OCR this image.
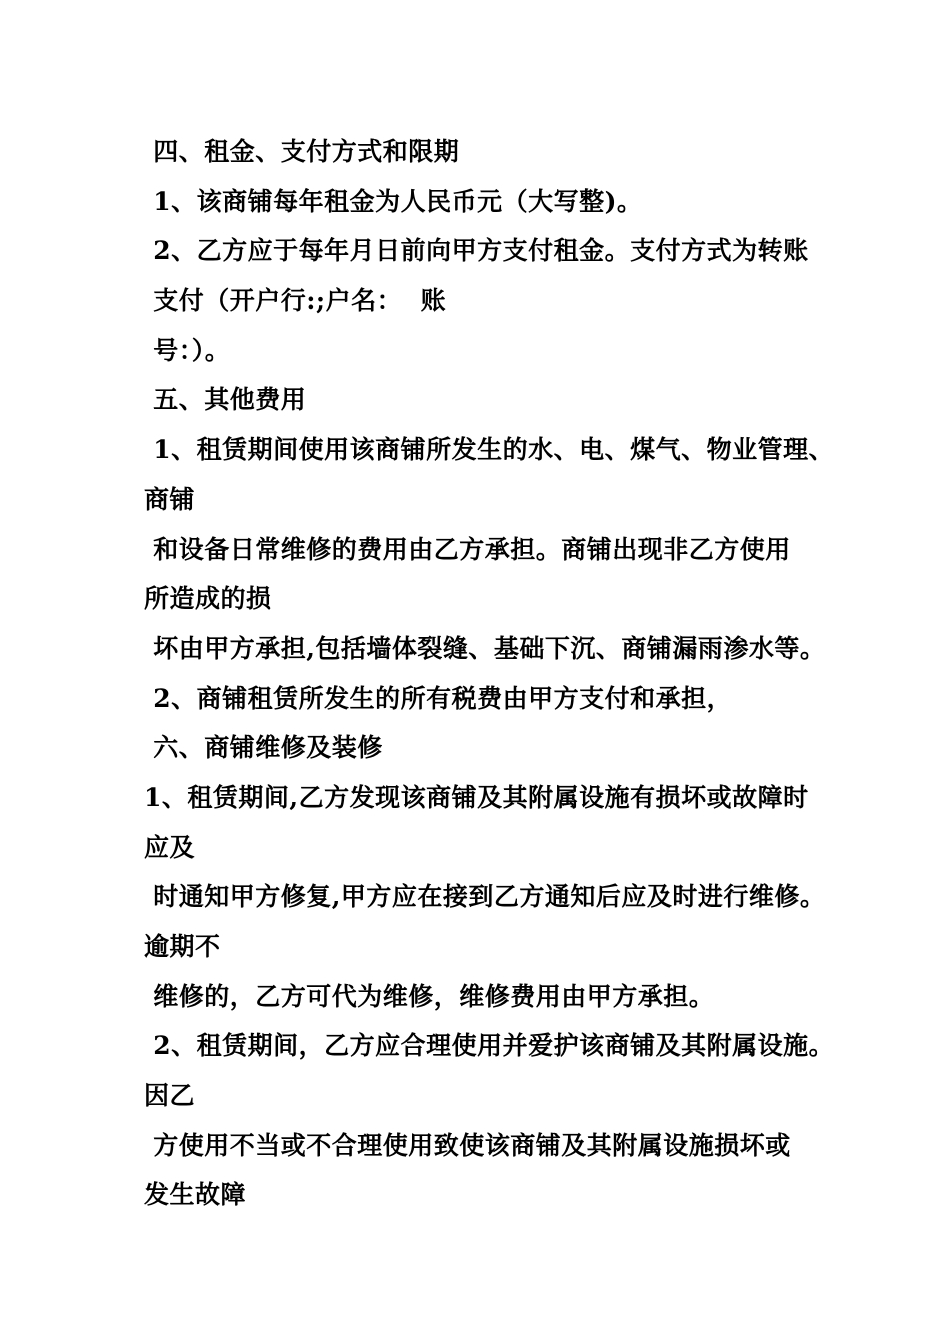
四、租金、支付方式和限期
1、该商铺每年租金为人民币元（大写整)。
2、乙方应于每年月日前向甲方支付租金。支付方式为转账
支付（开户行:;户名：  账
号：）。
五、其他费用
1、租赁期间使用该商铺所发生的水、电、煤气、物业管理、
商铺
和设备日常维修的费用由乙方承担。商铺出现非乙方使用
所造成的损
坏由甲方承担,包括墙体裂缝、基础下沉、商铺漏雨渗水等。
2、商铺租赁所发生的所有税费由甲方支付和承担，
六、商铺维修及装修
1、租赁期间,乙方发现该商铺及其附属设施有损坏或故障时
应及
时通知甲方修复,甲方应在接到乙方通知后应及时进行维修。
逾期不
维修的，乙方可代为维修，维修费用由甲方承担。
2、租赁期间，乙方应合理使用并爱护该商铺及其附属设施。
因乙
方使用不当或不合理使用致使该商铺及其附属设施损坏或
发生故障
